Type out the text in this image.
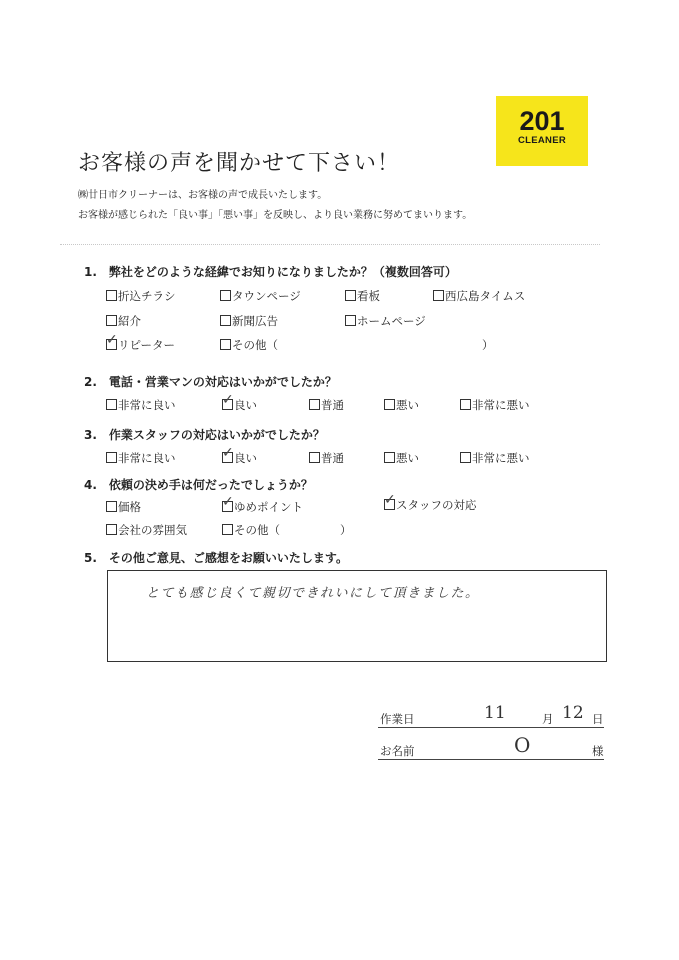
201
CLEANER
お客様の声を聞かせて下さい！
㈱廿日市クリーナーは、お客様の声で成長いたします。
お客様が感じられた「良い事」「悪い事」を反映し、より良い業務に努めてまいります。
1.　弊社をどのような経緯でお知りになりましたか？（複数回答可）
折込チラシ	タウンページ	看板	西広島タイムス
紹介	新聞広告	ホームページ
✓ リピーター	その他（	）
2.　電話・営業マンの対応はいかがでしたか？
非常に良い	✓ 良い	普通	悪い	非常に悪い
3.　作業スタッフの対応はいかがでしたか？
非常に良い	✓ 良い	普通	悪い	非常に悪い
4.　依頼の決め手は何だったでしょうか？
価格	✓ ゆめポイント	✓ スタッフの対応
会社の雰囲気	その他（	）
5.　その他ご意見、ご感想をお願いいたします。
とても感じ良くて親切できれいにして頂きました。
作業日	11	月 12 日
お名前	O	様
